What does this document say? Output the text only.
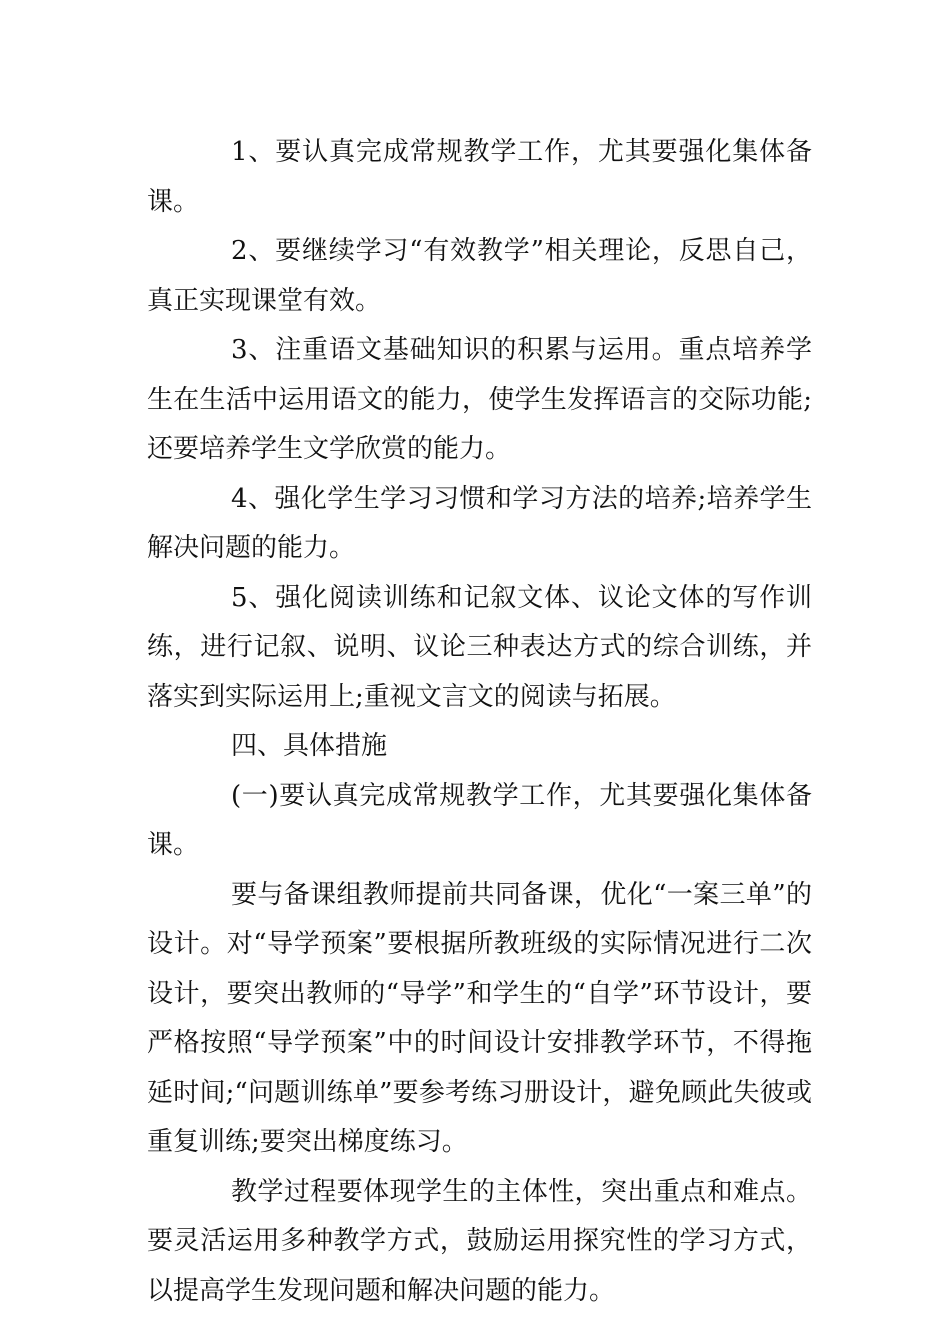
1、要认真完成常规教学工作，尤其要强化集体备课。

2、要继续学习“有效教学”相关理论，反思自己，真正实现课堂有效。

3、注重语文基础知识的积累与运用。重点培养学生在生活中运用语文的能力，使学生发挥语言的交际功能;还要培养学生文学欣赏的能力。

4、强化学生学习习惯和学习方法的培养;培养学生解决问题的能力。

5、强化阅读训练和记叙文体、议论文体的写作训练，进行记叙、说明、议论三种表达方式的综合训练，并落实到实际运用上;重视文言文的阅读与拓展。

四、具体措施

(一)要认真完成常规教学工作，尤其要强化集体备课。

要与备课组教师提前共同备课，优化“一案三单”的设计。对“导学预案”要根据所教班级的实际情况进行二次设计，要突出教师的“导学”和学生的“自学”环节设计，要严格按照“导学预案”中的时间设计安排教学环节，不得拖延时间;“问题训练单”要参考练习册设计，避免顾此失彼或重复训练;要突出梯度练习。

教学过程要体现学生的主体性，突出重点和难点。要灵活运用多种教学方式，鼓励运用探究性的学习方式，以提高学生发现问题和解决问题的能力。
